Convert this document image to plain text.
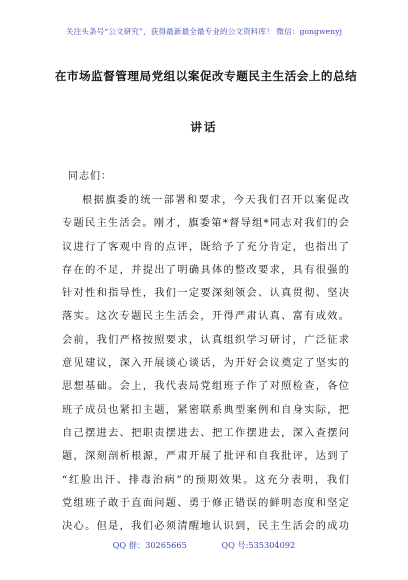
关注头条号“公文研究”，获得最新最全最专业的公文资料库！ 微信：gongwenyj
在市场监督管理局党组以案促改专题民主生活会上的总结
讲话
同志们：
根据旗委的统一部署和要求，今天我们召开以案促改
专题民主生活会。刚才，旗委第*督导组*同志对我们的会
议进行了客观中肯的点评，既给予了充分肯定，也指出了
存在的不足，并提出了明确具体的整改要求，具有很强的
针对性和指导性，我们一定要深刻领会、认真贯彻、坚决
落实。这次专题民主生活会，开得严肃认真、富有成效。
会前，我们严格按照要求，认真组织学习研讨，广泛征求
意见建议，深入开展谈心谈话，为开好会议奠定了坚实的
思想基础。会上，我代表局党组班子作了对照检查，各位
班子成员也紧扣主题，紧密联系典型案例和自身实际，把
自己摆进去、把职责摆进去、把工作摆进去，深入查摆问
题，深刻剖析根源，严肃开展了批评和自我批评，达到了
“红脸出汗、排毒治病”的预期效果。这充分表明，我们
党组班子敢于直面问题、勇于修正错误的鲜明态度和坚定
决心。但是，我们必须清醒地认识到，民主生活会的成功
QQ 群：30265665	QQ 号:535304092
